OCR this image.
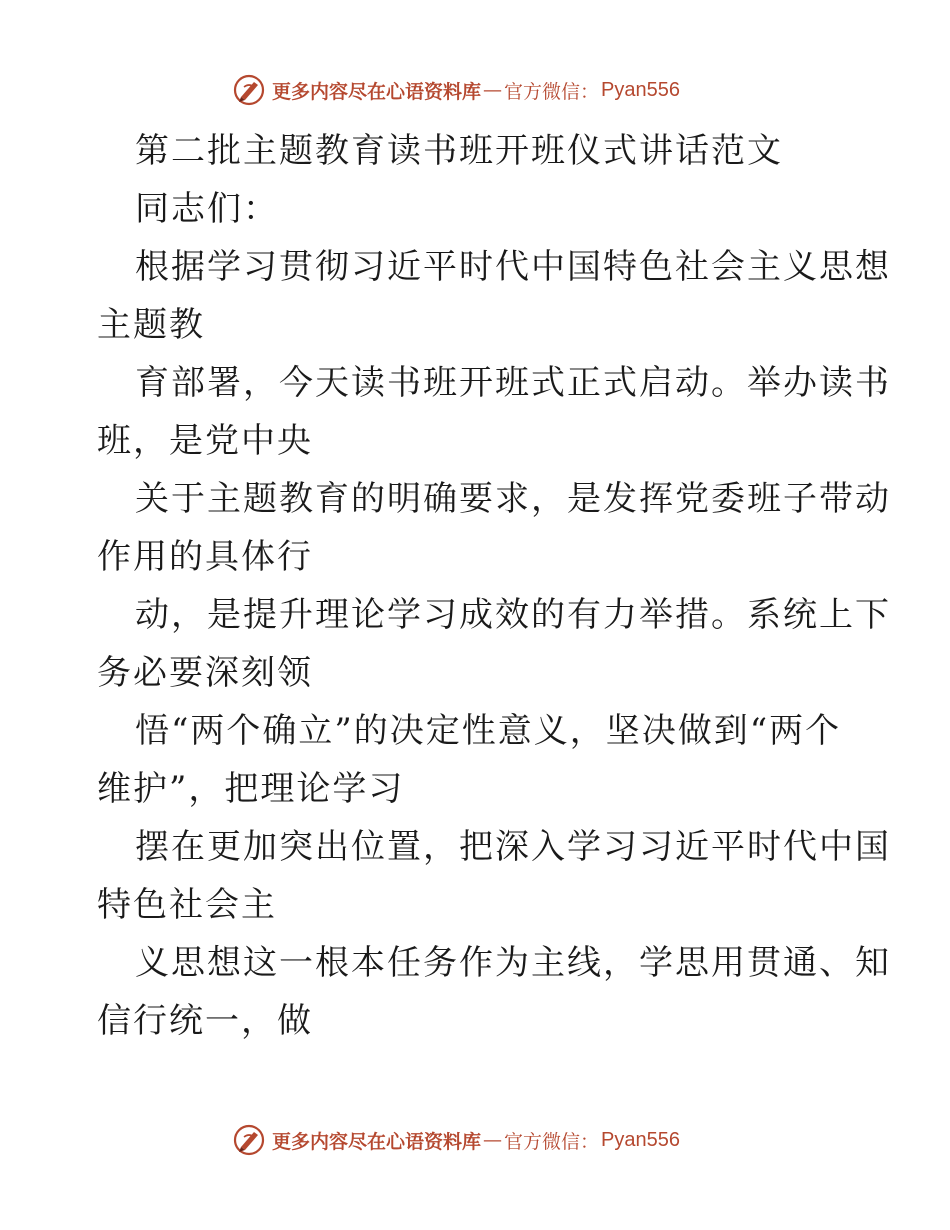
更多内容尽在心语资料库 — 官方微信： Pyan556
第二批主题教育读书班开班仪式讲话范文
同志们：
根据学习贯彻习近平时代中国特色社会主义思想
主题教
育部署，今天读书班开班式正式启动。举办读书
班，是党中央
关于主题教育的明确要求，是发挥党委班子带动
作用的具体行
动，是提升理论学习成效的有力举措。系统上下
务必要深刻领
悟“两个确立”的决定性意义，坚决做到“两个
维护”，把理论学习
摆在更加突出位置，把深入学习习近平时代中国
特色社会主
义思想这一根本任务作为主线，学思用贯通、知
信行统一，做
更多内容尽在心语资料库 — 官方微信： Pyan556
